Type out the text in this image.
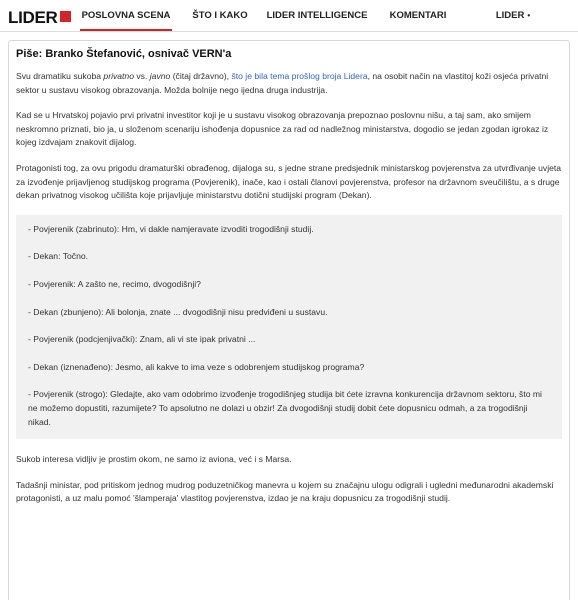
LIDER	POSLOVNA SCENA	ŠTO I KAKO	LIDER INTELLIGENCE	KOMENTARI	LIDER •
Piše: Branko Štefanović, osnivač VERN'a

Svu dramatiku sukoba privatno vs. javno (čitaj državno), što je bila tema prošlog broja Lidera, na osobit način na vlastitoj koži osjeća privatni sektor u sustavu visokog obrazovanja. Možda bolnije nego ijedna druga industrija.

Kad se u Hrvatskoj pojavio prvi privatni investitor koji je u sustavu visokog obrazovanja prepoznao poslovnu nišu, a taj sam, ako smijem neskromno priznati, bio ja, u složenom scenariju ishođenja dopusnice za rad od nadležnog ministarstva, dogodio se jedan zgodan igrokaz iz kojeg izdvajam znakovit dijalog.

Protagonisti tog, za ovu prigodu dramaturški obrađenog, dijaloga su, s jedne strane predsjednik ministarskog povjerenstva za utvrđivanje uvjeta za izvođenje prijavljenog studijskog programa (Povjerenik), inače, kao i ostali članovi povjerenstva, profesor na državnom sveučilištu, a s druge dekan privatnog visokog učilišta koje prijavljuje ministarstvu dotični studijski program (Dekan).

- Povjerenik (zabrinuto): Hm, vi dakle namjeravate izvoditi trogodišnji studij.

- Dekan: Točno.

- Povjerenik: A zašto ne, recimo, dvogodišnji?

- Dekan (zbunjeno): Ali bolonja, znate ... dvogodišnji nisu predviđeni u sustavu.

- Povjerenik (podcjenjivački): Znam, ali vi ste ipak privatni ...

- Dekan (iznenađeno): Jesmo, ali kakve to ima veze s odobrenjem studijskog programa?

- Povjerenik (strogo): Gledajte, ako vam odobrimo izvođenje trogodišnjeg studija bit ćete izravna konkurencija državnom sektoru, što mi ne možemo dopustiti, razumijete? To apsolutno ne dolazi u obzir! Za dvogodišnji studij dobit ćete dopusnicu odmah, a za trogodišnji nikad.

Sukob interesa vidljiv je prostim okom, ne samo iz aviona, već i s Marsa.

Tadašnji ministar, pod pritiskom jednog mudrog poduzetničkog manevra u kojem su značajnu ulogu odigrali i ugledni međunarodni akademski protagonisti, a uz malu pomoć 'šlamperaja' vlastitog povjerenstva, izdao je na kraju dopusnicu za trogodišnji studij.
